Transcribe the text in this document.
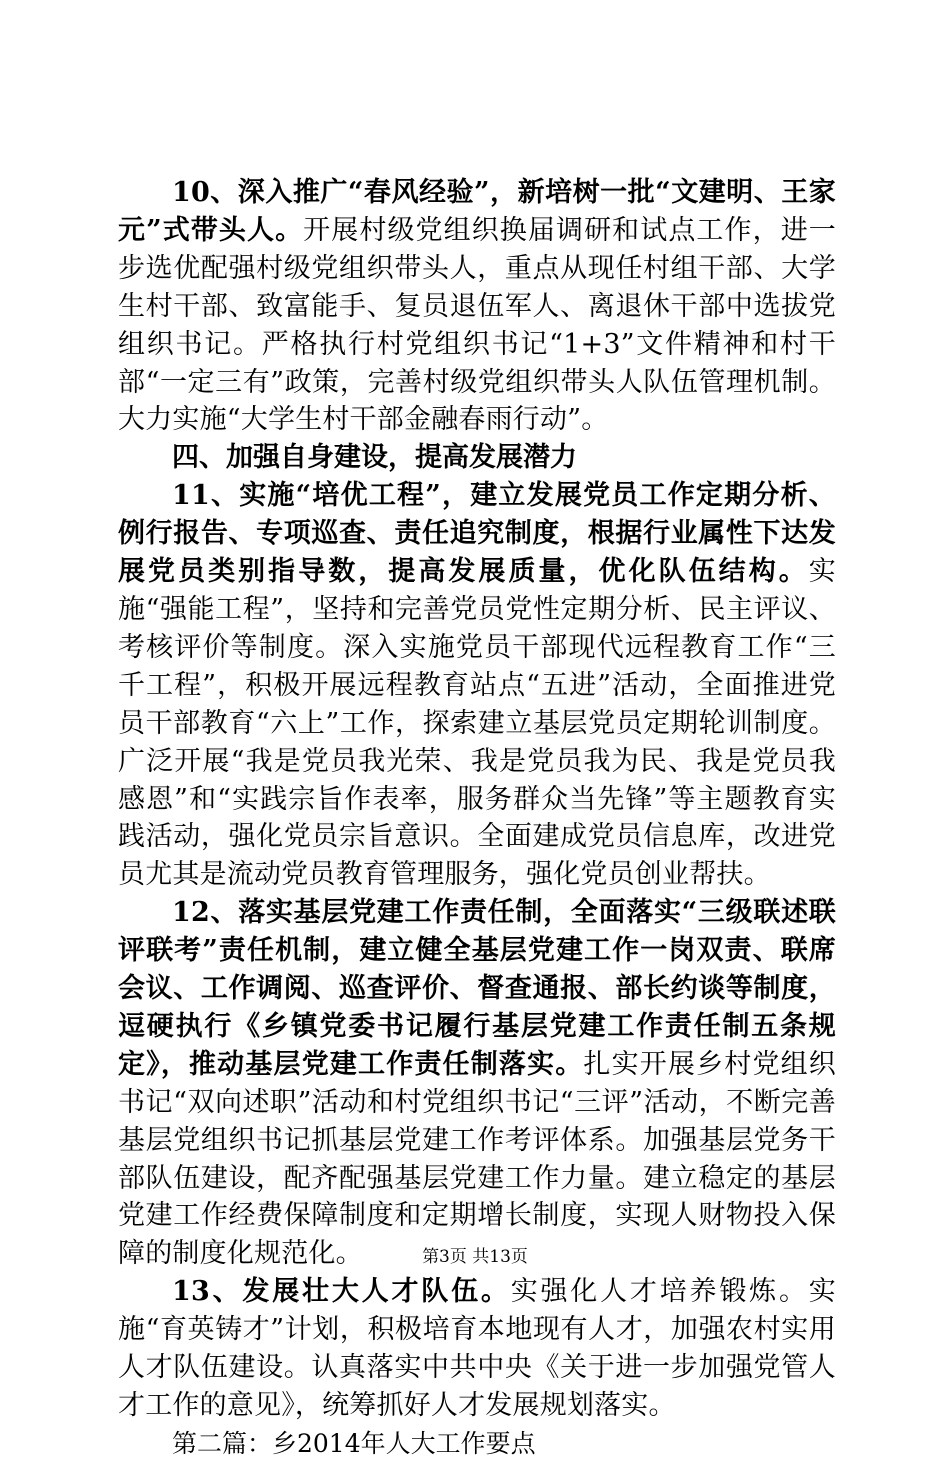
10、深入推广“春风经验”，新培树一批“文建明、王家元”式带头人。开展村级党组织换届调研和试点工作，进一步选优配强村级党组织带头人，重点从现任村组干部、大学生村干部、致富能手、复员退伍军人、离退休干部中选拔党组织书记。严格执行村党组织书记“1+3”文件精神和村干部“一定三有”政策，完善村级党组织带头人队伍管理机制。大力实施“大学生村干部金融春雨行动”。

四、加强自身建设，提高发展潜力

11、实施“培优工程”，建立发展党员工作定期分析、例行报告、专项巡查、责任追究制度，根据行业属性下达发展党员类别指导数，提高发展质量，优化队伍结构。实施“强能工程”，坚持和完善党员党性定期分析、民主评议、考核评价等制度。深入实施党员干部现代远程教育工作“三千工程”，积极开展远程教育站点“五进”活动，全面推进党员干部教育“六上”工作，探索建立基层党员定期轮训制度。广泛开展“我是党员我光荣、我是党员我为民、我是党员我感恩”和“实践宗旨作表率，服务群众当先锋”等主题教育实践活动，强化党员宗旨意识。全面建成党员信息库，改进党员尤其是流动党员教育管理服务，强化党员创业帮扶。

12、落实基层党建工作责任制，全面落实“三级联述联评联考”责任机制，建立健全基层党建工作一岗双责、联席会议、工作调阅、巡查评价、督查通报、部长约谈等制度，逗硬执行《乡镇党委书记履行基层党建工作责任制五条规定》，推动基层党建工作责任制落实。扎实开展乡村党组织书记“双向述职”活动和村党组织书记“三评”活动，不断完善基层党组织书记抓基层党建工作考评体系。加强基层党务干部队伍建设，配齐配强基层党建工作力量。建立稳定的基层党建工作经费保障制度和定期增长制度，实现人财物投入保障的制度化规范化。

13、发展壮大人才队伍。实强化人才培养锻炼。实施“育英铸才”计划，积极培育本地现有人才，加强农村实用人才队伍建设。认真落实中共中央《关于进一步加强党管人才工作的意见》，统筹抓好人才发展规划落实。

第二篇：乡2014年人大工作要点

第3页 共13页
